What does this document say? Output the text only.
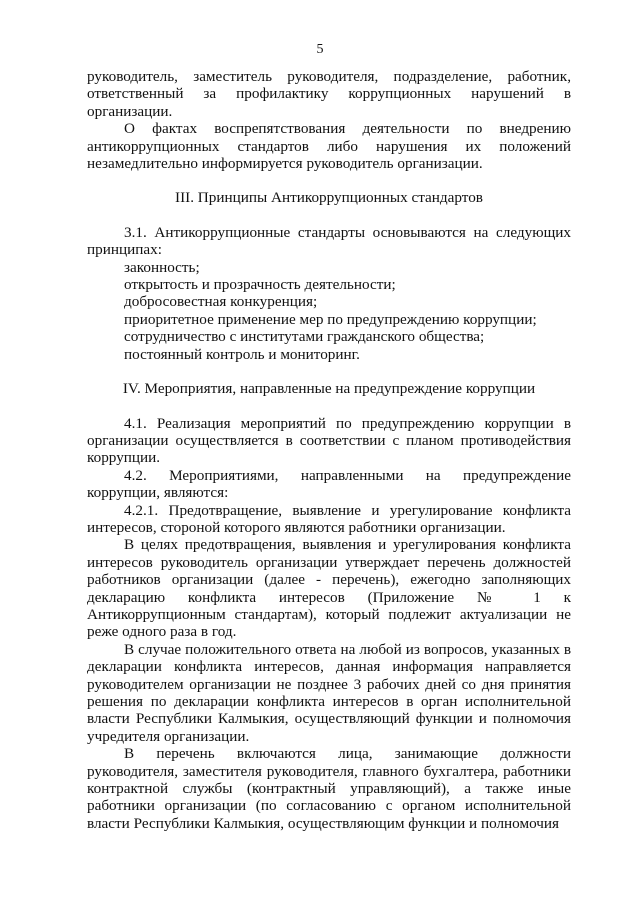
5

руководитель, заместитель руководителя, подразделение, работник, ответственный за профилактику коррупционных нарушений в организации.

О фактах воспрепятствования деятельности по внедрению антикоррупционных стандартов либо нарушения их положений незамедлительно информируется руководитель организации.

III. Принципы Антикоррупционных стандартов

3.1. Антикоррупционные стандарты основываются на следующих принципах:

законность;

открытость и прозрачность деятельности;

добросовестная конкуренция;

приоритетное применение мер по предупреждению коррупции;

сотрудничество с институтами гражданского общества;

постоянный контроль и мониторинг.

IV. Мероприятия, направленные на предупреждение коррупции

4.1. Реализация мероприятий по предупреждению коррупции в организации осуществляется в соответствии с планом противодействия коррупции.

4.2. Мероприятиями, направленными на предупреждение коррупции, являются:

4.2.1. Предотвращение, выявление и урегулирование конфликта интересов, стороной которого являются работники организации.

В целях предотвращения, выявления и урегулирования конфликта интересов руководитель организации утверждает перечень должностей работников организации (далее - перечень), ежегодно заполняющих декларацию конфликта интересов (Приложение № 1 к Антикоррупционным стандартам), который подлежит актуализации не реже одного раза в год.

В случае положительного ответа на любой из вопросов, указанных в декларации конфликта интересов, данная информация направляется руководителем организации не позднее 3 рабочих дней со дня принятия решения по декларации конфликта интересов в орган исполнительной власти Республики Калмыкия, осуществляющий функции и полномочия учредителя организации.

В перечень включаются лица, занимающие должности руководителя, заместителя руководителя, главного бухгалтера, работники контрактной службы (контрактный управляющий), а также иные работники организации (по согласованию с органом исполнительной власти Республики Калмыкия, осуществляющим функции и полномочия
